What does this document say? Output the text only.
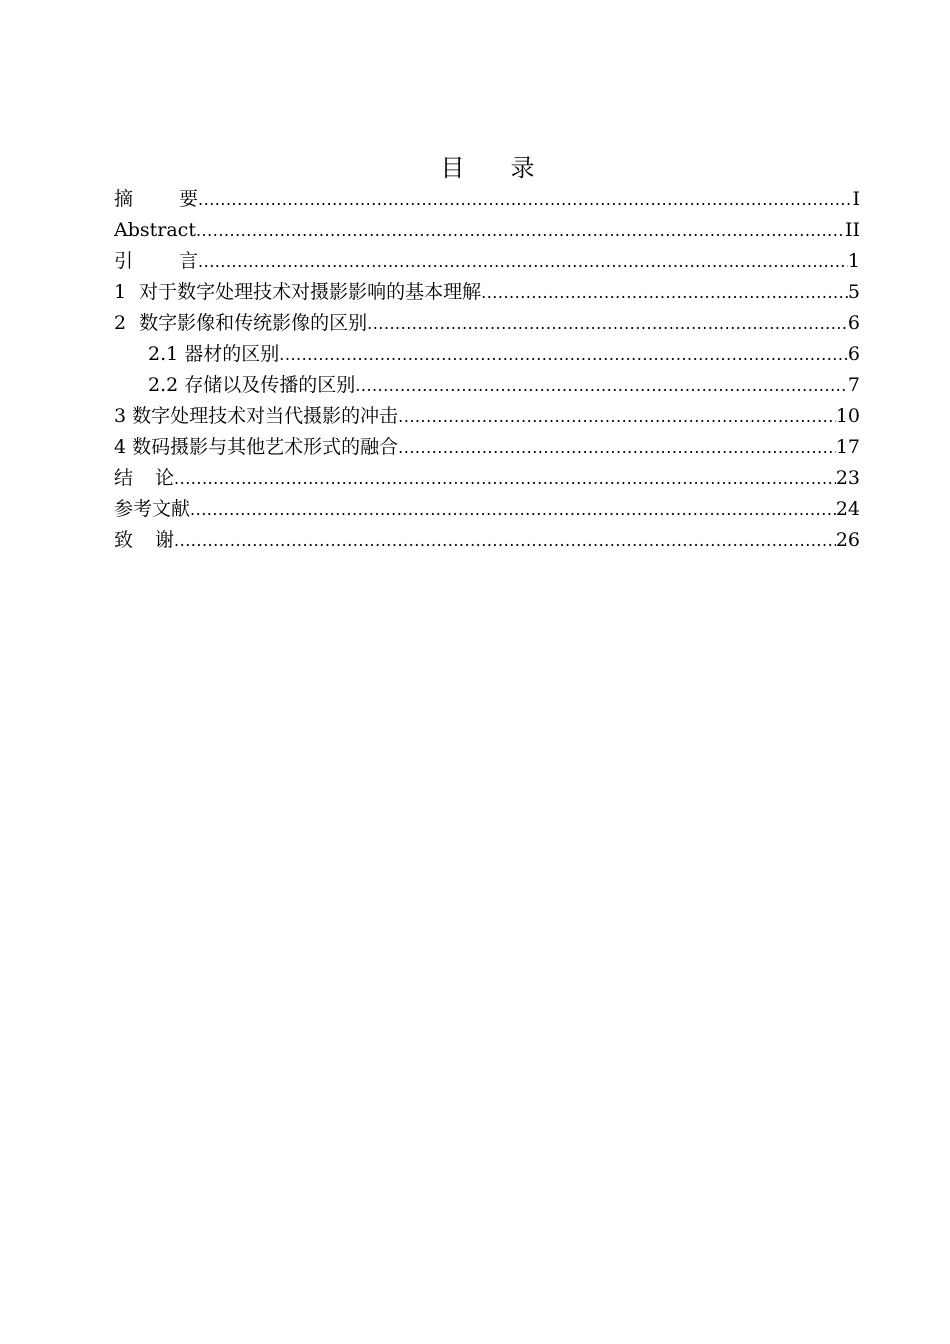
目 录
摘 要 .....	I
Abstract .....	II
引 言 .....	1
1 对于数字处理技术对摄影影响的基本理解 .....	5
2 数字影像和传统影像的区别 .....	6
2.1 器材的区别 .....	6
2.2 存储以及传播的区别 .....	7
3 数字处理技术对当代摄影的冲击 .....	10
4 数码摄影与其他艺术形式的融合 .....	17
结 论 .....	23
参考文献 .....	24
致 谢 .....	26
